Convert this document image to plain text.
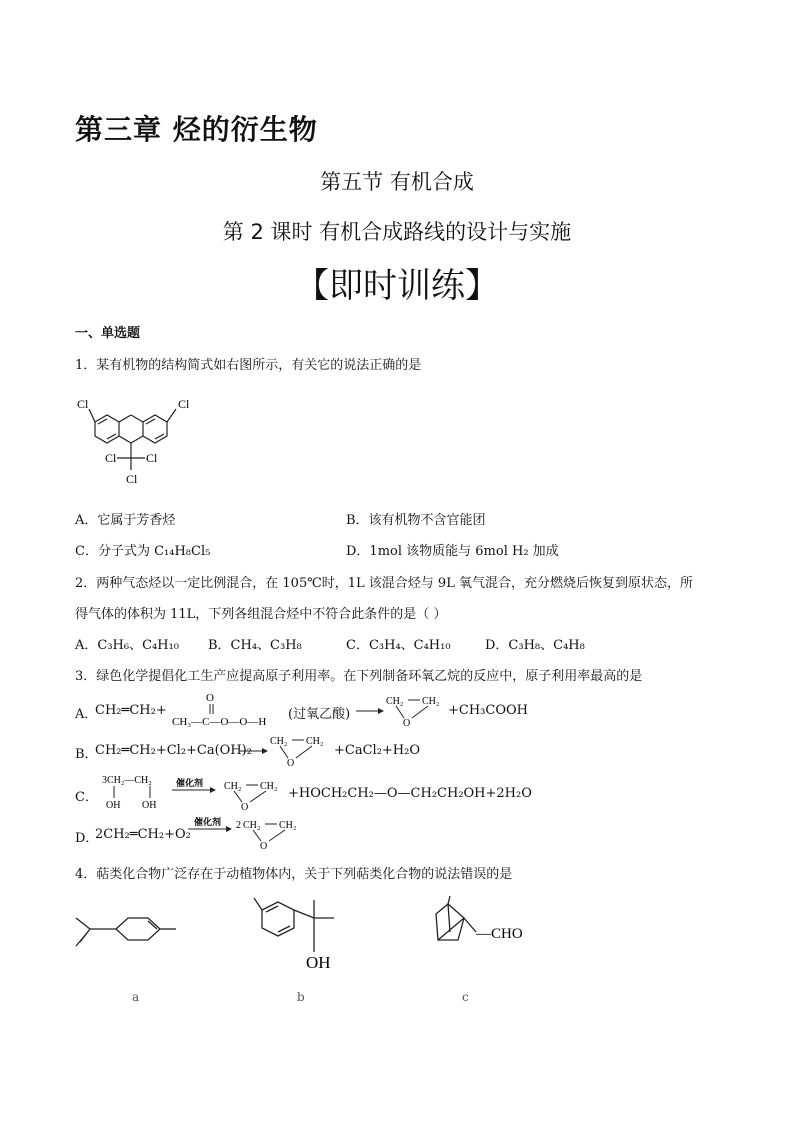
第三章 烃的衍生物
第五节 有机合成
第 2 课时 有机合成路线的设计与实施
【即时训练】
一、单选题
1．某有机物的结构简式如右图所示，有关它的说法正确的是
Cl	Cl
Cl Cl
Cl
A．它属于芳香烃	B．该有机物不含官能团
C．分子式为 C₁₄H₈Cl₅	D．1mol 该物质能与 6mol H₂ 加成
2．两种气态烃以一定比例混合，在 105℃时，1L 该混合烃与 9L 氧气混合，充分燃烧后恢复到原状态，所
得气体的体积为 11L，下列各组混合烃中不符合此条件的是（ ）
A．C₃H₆、C₄H₁₀ B．CH₄、C₃H₈	C．C₃H₄、C₄H₁₀	D．C₃H₈、C₄H₈
3．绿色化学提倡化工生产应提高原子利用率。在下列制备环氧乙烷的反应中，原子利用率最高的是
A．
CH₂═CH₂+
O
CH₃—C—O—O—H (过氧乙酸)
CH₂ CH₂
O
+CH₃COOH
B．
CH₂═CH₂+Cl₂+Ca(OH)₂
CH₂ CH₂
O
+CaCl₂+H₂O
C．
3CH₂—CH₂
OH OH
催化剂 CH₂ CH₂
O
+HOCH₂CH₂—O—CH₂CH₂OH+2H₂O
D．
2CH₂═CH₂+O₂
催化剂 2 CH₂ CH₂
O
4．萜类化合物广泛存在于动植物体内，关于下列萜类化合物的说法错误的是
a
OH
b
—CHO
c
